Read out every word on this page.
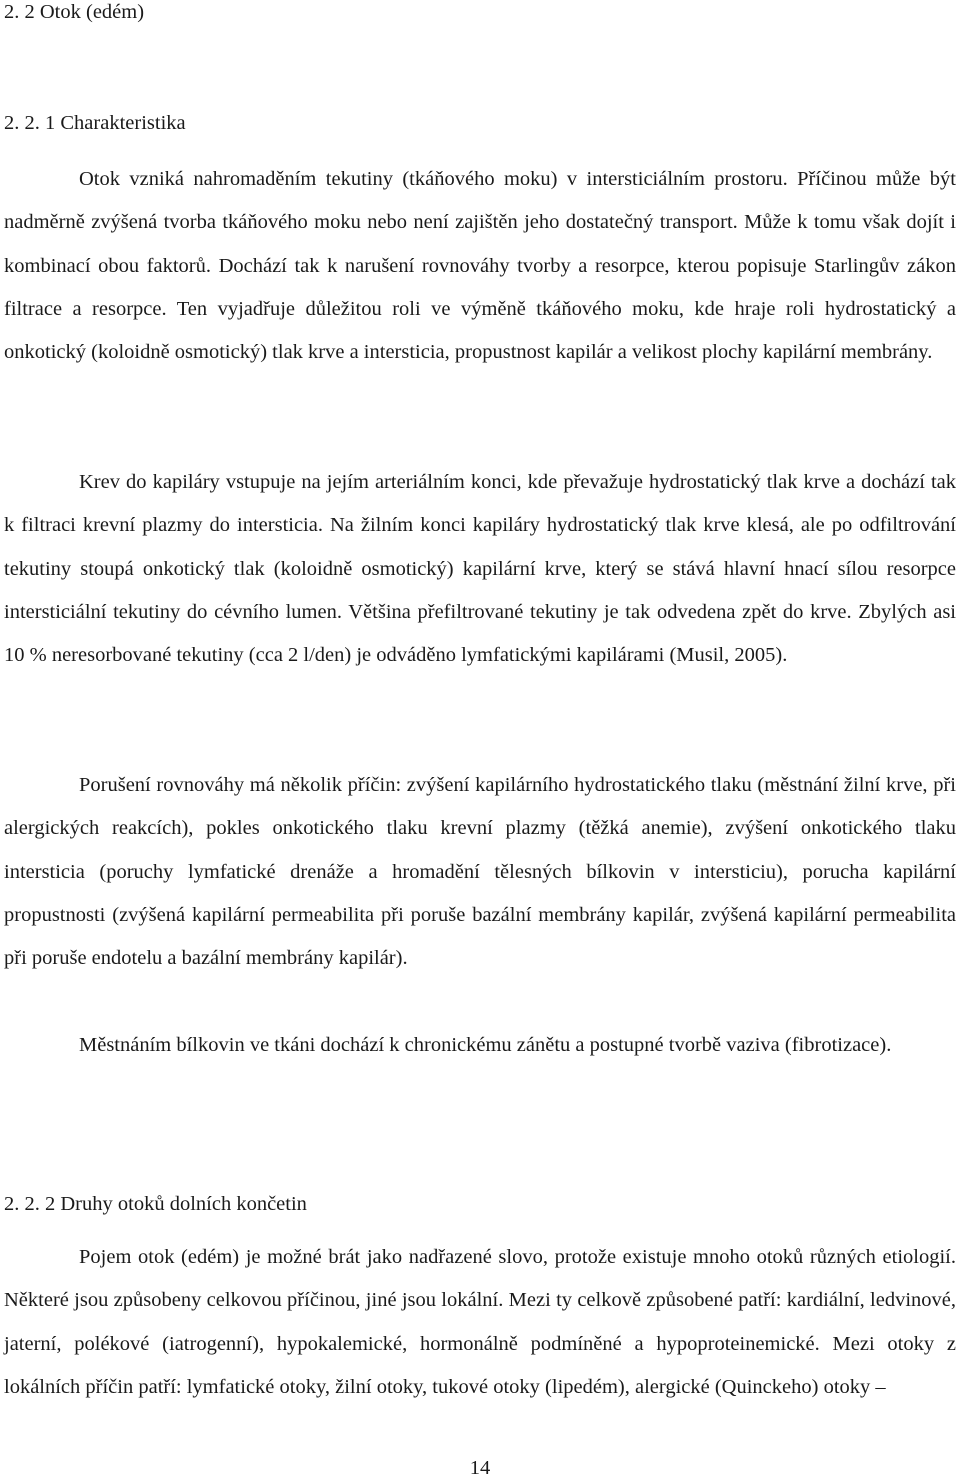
2. 2 Otok (edém)
2. 2. 1 Charakteristika

Otok vzniká nahromaděním tekutiny (tkáňového moku) v intersticiálním prostoru. Příčinou může být nadměrně zvýšená tvorba tkáňového moku nebo není zajištěn jeho dostatečný transport. Může k tomu však dojít i kombinací obou faktorů. Dochází tak k narušení rovnováhy tvorby a resorpce, kterou popisuje Starlingův zákon filtrace a resorpce. Ten vyjadřuje důležitou roli ve výměně tkáňového moku, kde hraje roli hydrostatický a onkotický (koloidně osmotický) tlak krve a intersticia, propustnost kapilár a velikost plochy kapilární membrány.

Krev do kapiláry vstupuje na jejím arteriálním konci, kde převažuje hydrostatický tlak krve a dochází tak k filtraci krevní plazmy do intersticia. Na žilním konci kapiláry hydrostatický tlak krve klesá, ale po odfiltrování tekutiny stoupá onkotický tlak (koloidně osmotický) kapilární krve, který se stává hlavní hnací sílou resorpce intersticiální tekutiny do cévního lumen. Většina přefiltrované tekutiny je tak odvedena zpět do krve. Zbylých asi 10 % neresorbované tekutiny (cca 2 l/den) je odváděno lymfatickými kapilárami (Musil, 2005).

Porušení rovnováhy má několik příčin: zvýšení kapilárního hydrostatického tlaku (městnání žilní krve, při alergických reakcích), pokles onkotického tlaku krevní plazmy (těžká anemie), zvýšení onkotického tlaku intersticia (poruchy lymfatické drenáže a hromadění tělesných bílkovin v intersticiu), porucha kapilární propustnosti (zvýšená kapilární permeabilita při poruše bazální membrány kapilár, zvýšená kapilární permeabilita při poruše endotelu a bazální membrány kapilár).

Městnáním bílkovin ve tkáni dochází k chronickému zánětu a postupné tvorbě vaziva (fibrotizace).

2. 2. 2 Druhy otoků dolních končetin

Pojem otok (edém) je možné brát jako nadřazené slovo, protože existuje mnoho otoků různých etiologií. Některé jsou způsobeny celkovou příčinou, jiné jsou lokální. Mezi ty celkově způsobené patří: kardiální, ledvinové, jaterní, polékové (iatrogenní), hypokalemické, hormonálně podmíněné a hypoproteinemické. Mezi otoky z lokálních příčin patří: lymfatické otoky, žilní otoky, tukové otoky (lipedém), alergické (Quinckeho) otoky –

14
